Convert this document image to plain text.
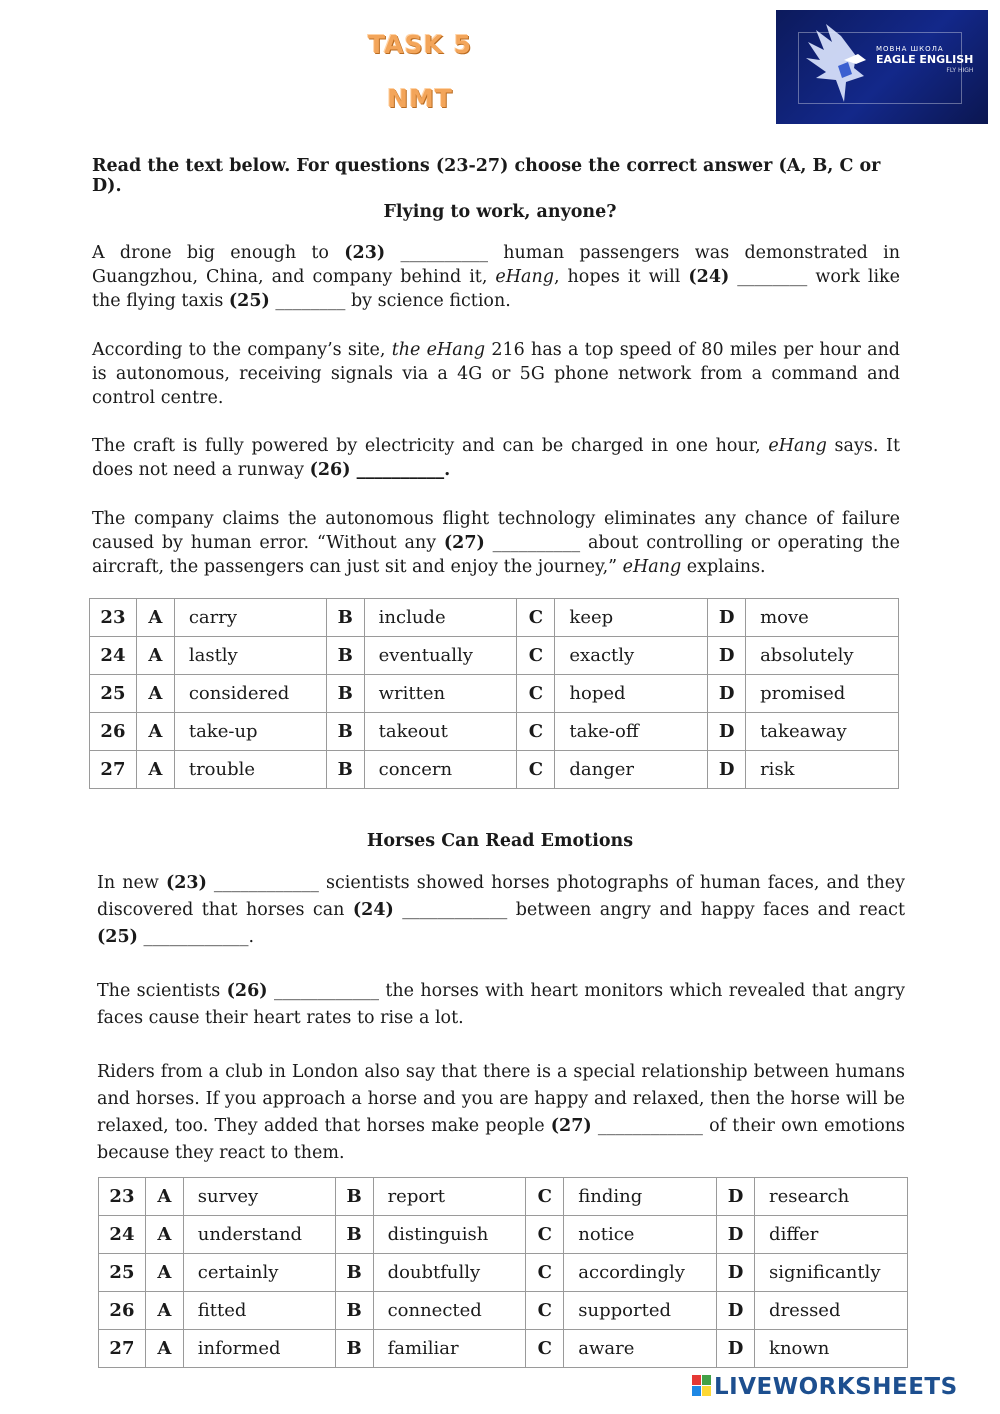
TASK 5
NMT
МОВНА ШКОЛА
EAGLE ENGLISH
FLY HIGH
Read the text below. For questions (23-27) choose the correct answer (A, B, C or D).
Flying to work, anyone?

A drone big enough to (23) __________ human passengers was demonstrated in Guangzhou, China, and company behind it, eHang, hopes it will (24) ________ work like the flying taxis (25) ________ by science fiction.

According to the company’s site, the eHang 216 has a top speed of 80 miles per hour and is autonomous, receiving signals via a 4G or 5G phone network from a command and control centre.

The craft is fully powered by electricity and can be charged in one hour, eHang says. It does not need a runway (26) __________.

The company claims the autonomous flight technology eliminates any chance of failure caused by human error. “Without any (27) __________ about controlling or operating the aircraft, the passengers can just sit and enjoy the journey,” eHang explains.

23	A	carry	B	include	C	keep	D	move
24	A	lastly	B	eventually	C	exactly	D	absolutely
25	A	considered	B	written	C	hoped	D	promised
26	A	take-up	B	takeout	C	take-off	D	takeaway
27	A	trouble	B	concern	C	danger	D	risk
Horses Can Read Emotions

In new (23) ____________ scientists showed horses photographs of human faces, and they discovered that horses can (24) ____________ between angry and happy faces and react (25) ____________.

The scientists (26) ____________ the horses with heart monitors which revealed that angry faces cause their heart rates to rise a lot.

Riders from a club in London also say that there is a special relationship between humans and horses. If you approach a horse and you are happy and relaxed, then the horse will be relaxed, too. They added that horses make people (27) ____________ of their own emotions because they react to them.

23	A	survey	B	report	C	finding	D	research
24	A	understand	B	distinguish	C	notice	D	differ
25	A	certainly	B	doubtfully	C	accordingly	D	significantly
26	A	fitted	B	connected	C	supported	D	dressed
27	A	informed	B	familiar	C	aware	D	known
LIVEWORKSHEETS
